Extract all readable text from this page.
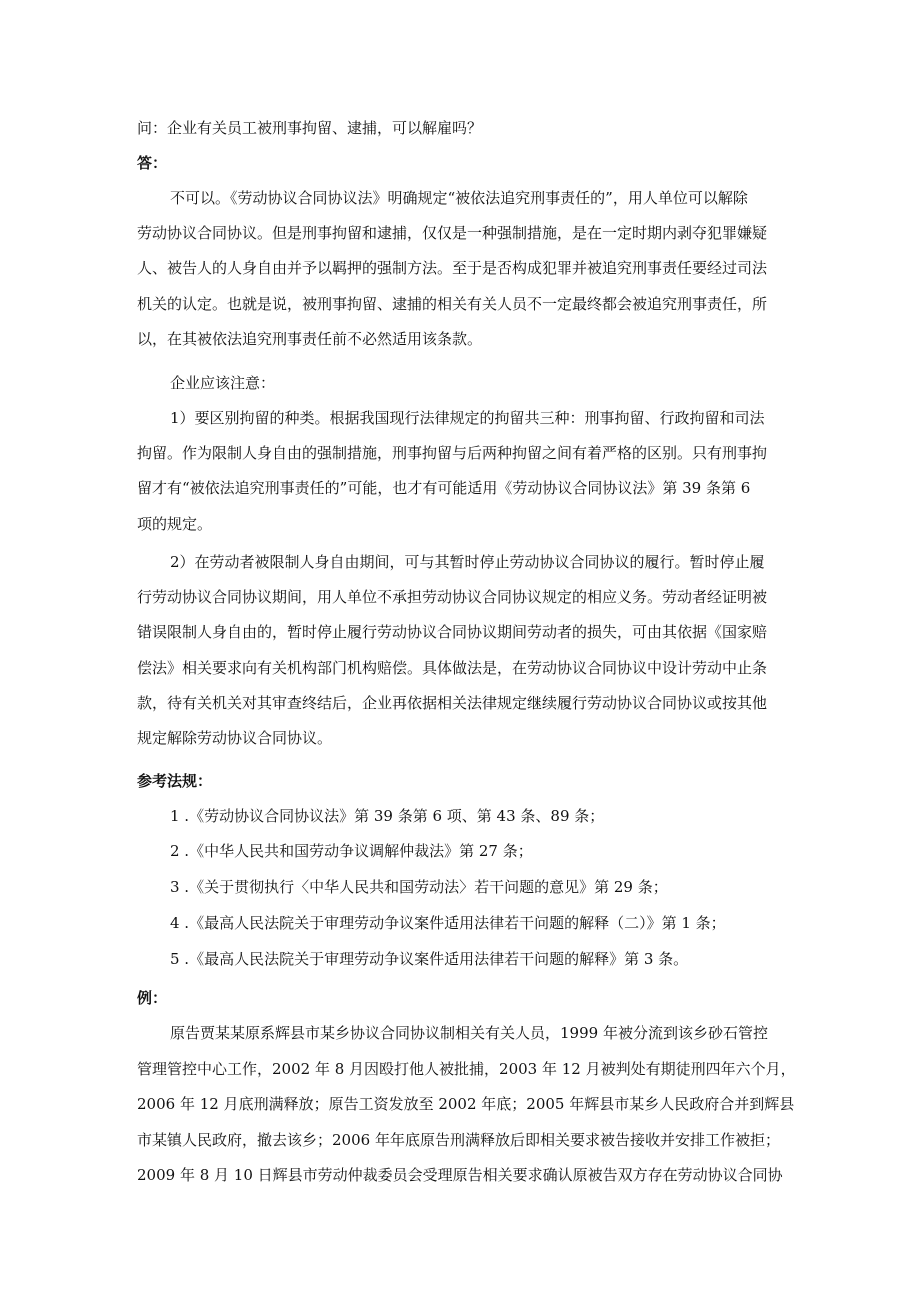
问：企业有关员工被刑事拘留、逮捕，可以解雇吗？
答：
不可以。《劳动协议合同协议法》明确规定“被依法追究刑事责任的”，用人单位可以解除
劳动协议合同协议。但是刑事拘留和逮捕，仅仅是一种强制措施，是在一定时期内剥夺犯罪嫌疑
人、被告人的人身自由并予以羁押的强制方法。至于是否构成犯罪并被追究刑事责任要经过司法
机关的认定。也就是说，被刑事拘留、逮捕的相关有关人员不一定最终都会被追究刑事责任，所
以，在其被依法追究刑事责任前不必然适用该条款。
企业应该注意：
1）要区别拘留的种类。根据我国现行法律规定的拘留共三种：刑事拘留、行政拘留和司法
拘留。作为限制人身自由的强制措施，刑事拘留与后两种拘留之间有着严格的区别。只有刑事拘
留才有“被依法追究刑事责任的”可能，也才有可能适用《劳动协议合同协议法》第 39 条第 6
项的规定。
2）在劳动者被限制人身自由期间，可与其暂时停止劳动协议合同协议的履行。暂时停止履
行劳动协议合同协议期间，用人单位不承担劳动协议合同协议规定的相应义务。劳动者经证明被
错误限制人身自由的，暂时停止履行劳动协议合同协议期间劳动者的损失，可由其依据《国家赔
偿法》相关要求向有关机构部门机构赔偿。具体做法是，在劳动协议合同协议中设计劳动中止条
款，待有关机关对其审查终结后，企业再依据相关法律规定继续履行劳动协议合同协议或按其他
规定解除劳动协议合同协议。
参考法规：
1 .《劳动协议合同协议法》第 39 条第 6 项、第 43 条、89 条；
2 .《中华人民共和国劳动争议调解仲裁法》第 27 条；
3 .《关于贯彻执行〈中华人民共和国劳动法〉若干问题的意见》第 29 条；
4 .《最高人民法院关于审理劳动争议案件适用法律若干问题的解释（二）》第 1 条；
5 .《最高人民法院关于审理劳动争议案件适用法律若干问题的解释》第 3 条。
例：
原告贾某某原系辉县市某乡协议合同协议制相关有关人员，1999 年被分流到该乡砂石管控
管理管控中心工作，2002 年 8 月因殴打他人被批捕，2003 年 12 月被判处有期徒刑四年六个月，
2006 年 12 月底刑满释放；原告工资发放至 2002 年底；2005 年辉县市某乡人民政府合并到辉县
市某镇人民政府，撤去该乡；2006 年年底原告刑满释放后即相关要求被告接收并安排工作被拒；
2009 年 8 月 10 日辉县市劳动仲裁委员会受理原告相关要求确认原被告双方存在劳动协议合同协
